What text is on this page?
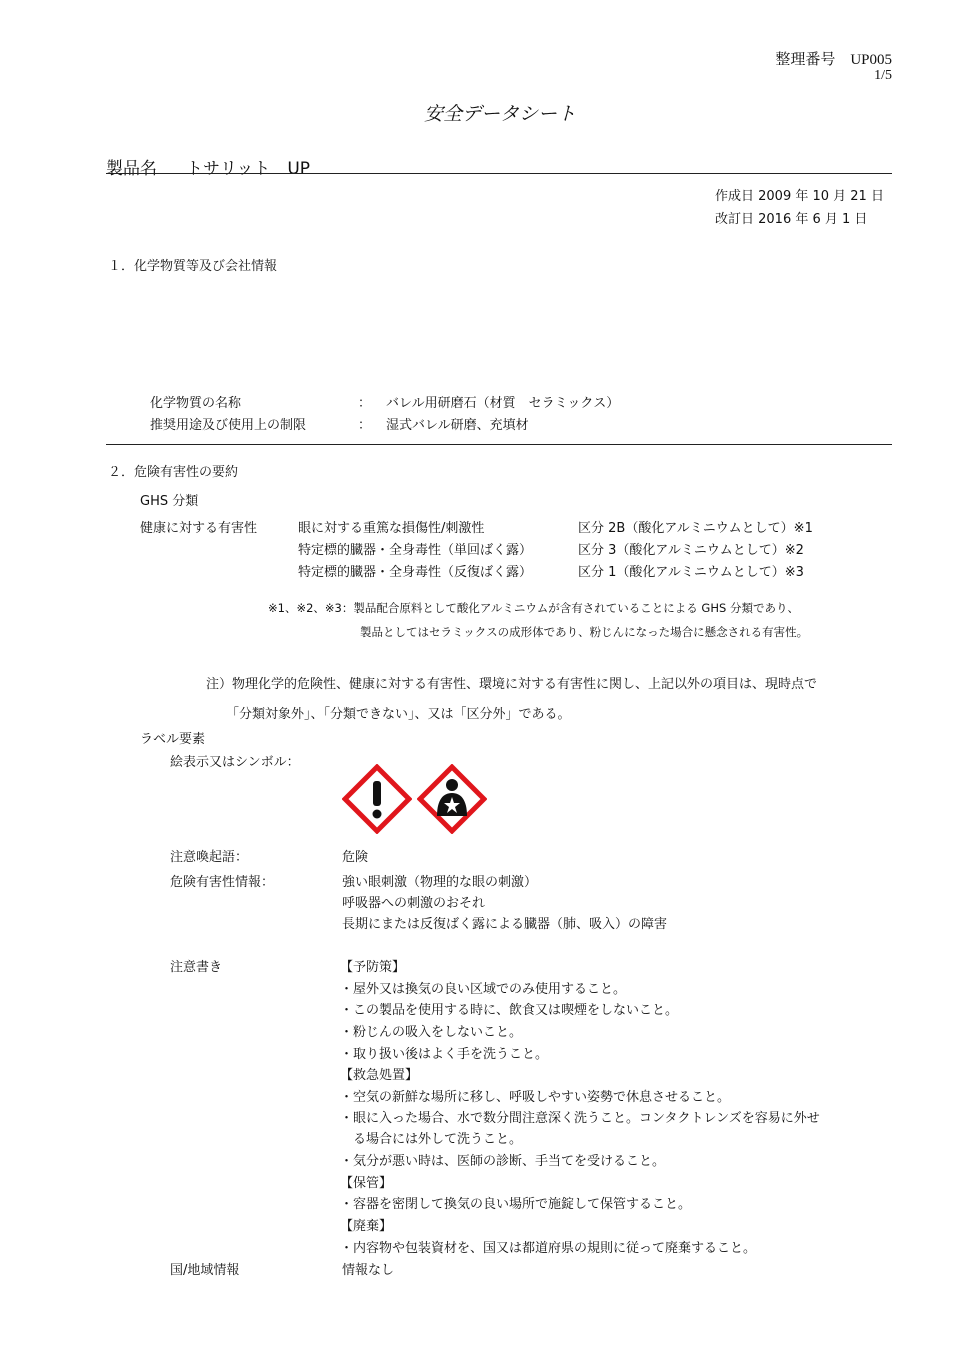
整理番号　UP005
1/5
安全データシート
製品名 トサリット　UP
作成日 2009 年 10 月 21 日
改訂日 2016 年 6 月 1 日
１．化学物質等及び会社情報
化学物質の名称	： バレル用研磨石（材質　セラミックス）
推奨用途及び使用上の制限	： 湿式バレル研磨、充填材
２．危険有害性の要約
GHS 分類
健康に対する有害性	眼に対する重篤な損傷性/刺激性	区分 2B（酸化アルミニウムとして）※1
特定標的臓器・全身毒性（単回ばく露）	区分 3（酸化アルミニウムとして）※2
特定標的臓器・全身毒性（反復ばく露）	区分 1（酸化アルミニウムとして）※3
※1、※2、※3：製品配合原料として酸化アルミニウムが含有されていることによる GHS 分類であり、
製品としてはセラミックスの成形体であり、粉じんになった場合に懸念される有害性。
注）物理化学的危険性、健康に対する有害性、環境に対する有害性に関し、上記以外の項目は、現時点で
「分類対象外」、「分類できない」、又は「区分外」である。
ラベル要素
絵表示又はシンボル：
注意喚起語：	危険
危険有害性情報：	強い眼刺激（物理的な眼の刺激）
呼吸器への刺激のおそれ
長期にまたは反復ばく露による臓器（肺、吸入）の障害
注意書き	【予防策】
・屋外又は換気の良い区域でのみ使用すること。
・この製品を使用する時に、飲食又は喫煙をしないこと。
・粉じんの吸入をしないこと。
・取り扱い後はよく手を洗うこと。
【救急処置】
・空気の新鮮な場所に移し、呼吸しやすい姿勢で休息させること。
・眼に入った場合、水で数分間注意深く洗うこと。コンタクトレンズを容易に外せ
　る場合には外して洗うこと。
・気分が悪い時は、医師の診断、手当てを受けること。
【保管】
・容器を密閉して換気の良い場所で施錠して保管すること。
【廃棄】
・内容物や包装資材を、国又は都道府県の規則に従って廃棄すること。
国/地域情報	情報なし
